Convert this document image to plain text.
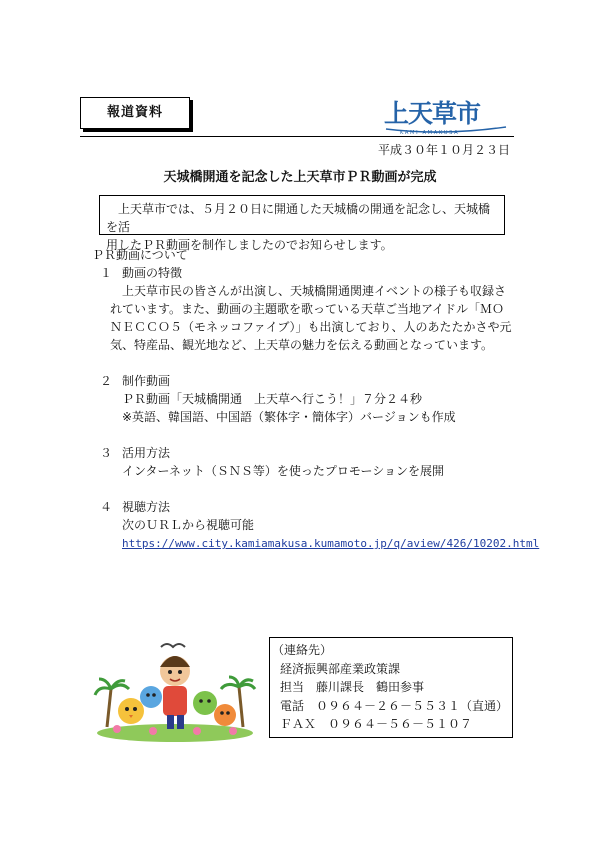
報道資料	上天草市
KAMI AMAKUSA
平成３０年１０月２３日
天城橋開通を記念した上天草市ＰＲ動画が完成

上天草市では、５月２０日に開通した天城橋の開通を記念し、天城橋を活
用したＰＲ動画を制作しましたのでお知らせします。

ＰＲ動画について
１ 動画の特徴
上天草市民の皆さんが出演し、天城橋開通関連イベントの様子も収録さ
れています。また、動画の主題歌を歌っている天草ご当地アイドル「ＭＯ
ＮＥＣＣＯ５（モネッコファイブ）」も出演しており、人のあたたかさや元
気、特産品、観光地など、上天草の魅力を伝える動画となっています。
２ 制作動画
ＰＲ動画「天城橋開通　上天草へ行こう！」７分２４秒
※英語、韓国語、中国語（繁体字・簡体字）バージョンも作成
３ 活用方法
インターネット（ＳＮＳ等）を使ったプロモーションを展開
４ 視聴方法
次のＵＲＬから視聴可能
https://www.city.kamiamakusa.kumamoto.jp/q/aview/426/10202.html
（連絡先）
経済振興部産業政策課
担当　藤川課長　鶴田参事
電話　０９６４－２６－５５３１（直通）
ＦＡＸ　０９６４－５６－５１０７
